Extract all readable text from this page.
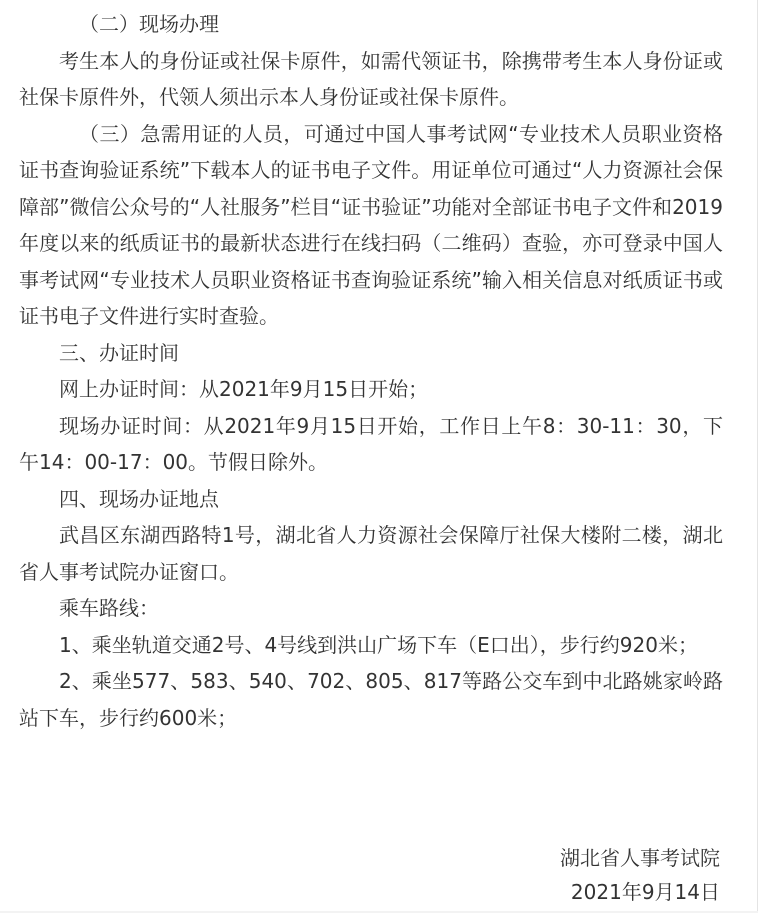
（二）现场办理

考生本人的身份证或社保卡原件，如需代领证书，除携带考生本人身份证或社保卡原件外，代领人须出示本人身份证或社保卡原件。

（三）急需用证的人员，可通过中国人事考试网“专业技术人员职业资格证书查询验证系统”下载本人的证书电子文件。用证单位可通过“人力资源社会保障部”微信公众号的“人社服务”栏目“证书验证”功能对全部证书电子文件和2019年度以来的纸质证书的最新状态进行在线扫码（二维码）查验，亦可登录中国人事考试网“专业技术人员职业资格证书查询验证系统”输入相关信息对纸质证书或证书电子文件进行实时查验。

三、办证时间

网上办证时间：从2021年9月15日开始；

现场办证时间：从2021年9月15日开始，工作日上午8：30-11：30，下午14：00-17：00。节假日除外。

四、现场办证地点

武昌区东湖西路特1号，湖北省人力资源社会保障厅社保大楼附二楼，湖北省人事考试院办证窗口。

乘车路线：

1、乘坐轨道交通2号、4号线到洪山广场下车（E口出），步行约920米；

2、乘坐577、583、540、702、805、817等路公交车到中北路姚家岭路站下车，步行约600米；

湖北省人事考试院
2021年9月14日
